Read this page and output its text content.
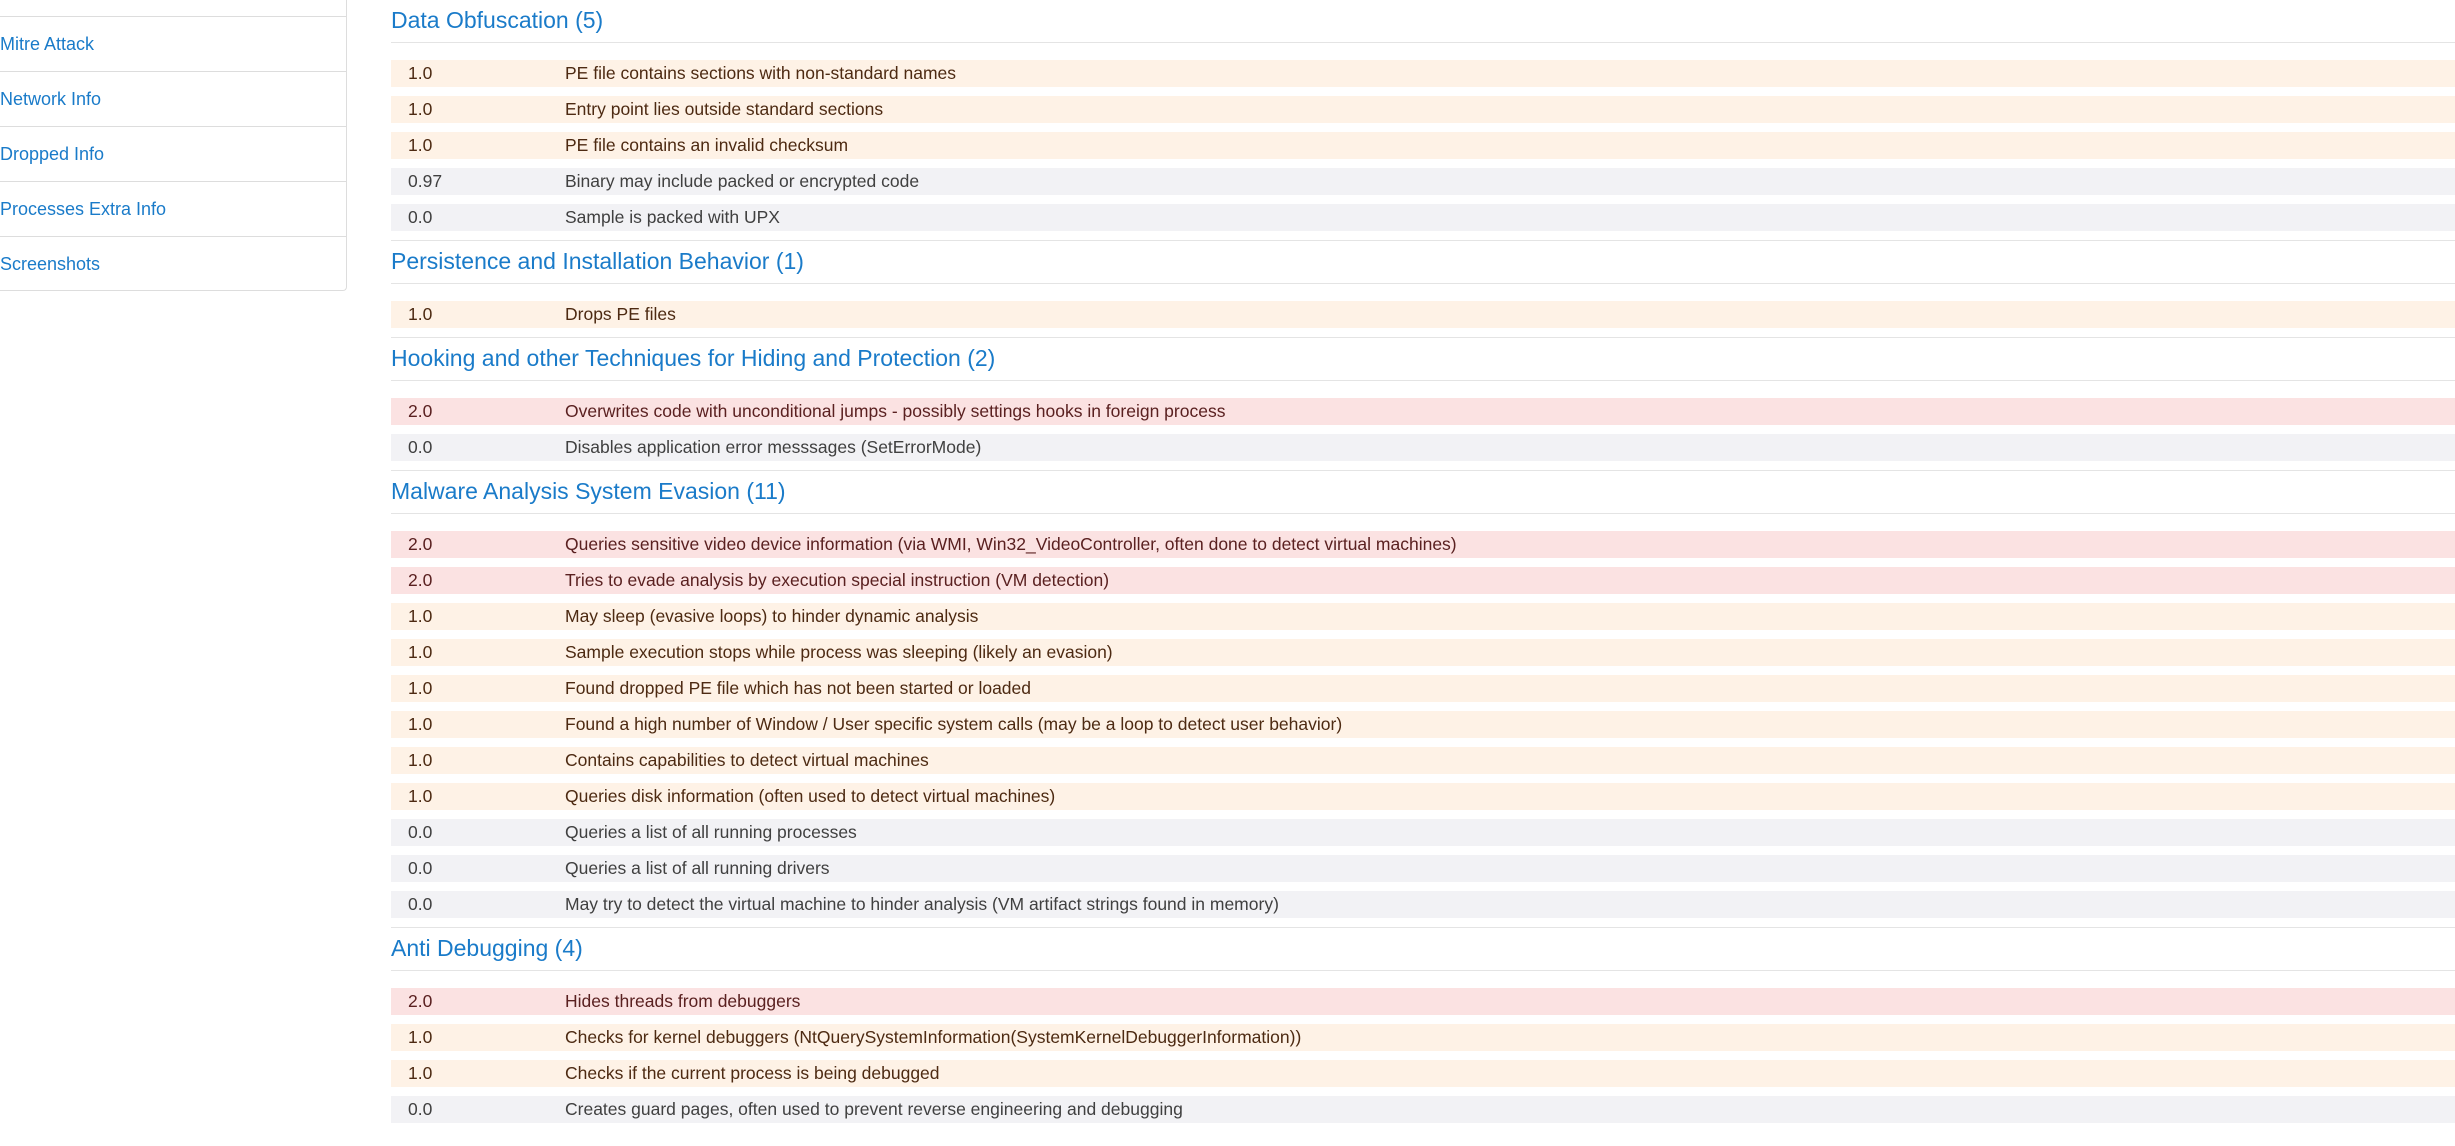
Mitre Attack
Network Info
Dropped Info
Processes Extra Info
Screenshots
Data Obfuscation (5)
1.0	PE file contains sections with non-standard names
1.0	Entry point lies outside standard sections
1.0	PE file contains an invalid checksum
0.97	Binary may include packed or encrypted code
0.0	Sample is packed with UPX
Persistence and Installation Behavior (1)
1.0	Drops PE files
Hooking and other Techniques for Hiding and Protection (2)
2.0	Overwrites code with unconditional jumps - possibly settings hooks in foreign process
0.0	Disables application error messsages (SetErrorMode)
Malware Analysis System Evasion (11)
2.0	Queries sensitive video device information (via WMI, Win32_VideoController, often done to detect virtual machines)
2.0	Tries to evade analysis by execution special instruction (VM detection)
1.0	May sleep (evasive loops) to hinder dynamic analysis
1.0	Sample execution stops while process was sleeping (likely an evasion)
1.0	Found dropped PE file which has not been started or loaded
1.0	Found a high number of Window / User specific system calls (may be a loop to detect user behavior)
1.0	Contains capabilities to detect virtual machines
1.0	Queries disk information (often used to detect virtual machines)
0.0	Queries a list of all running processes
0.0	Queries a list of all running drivers
0.0	May try to detect the virtual machine to hinder analysis (VM artifact strings found in memory)
Anti Debugging (4)
2.0	Hides threads from debuggers
1.0	Checks for kernel debuggers (NtQuerySystemInformation(SystemKernelDebuggerInformation))
1.0	Checks if the current process is being debugged
0.0	Creates guard pages, often used to prevent reverse engineering and debugging
